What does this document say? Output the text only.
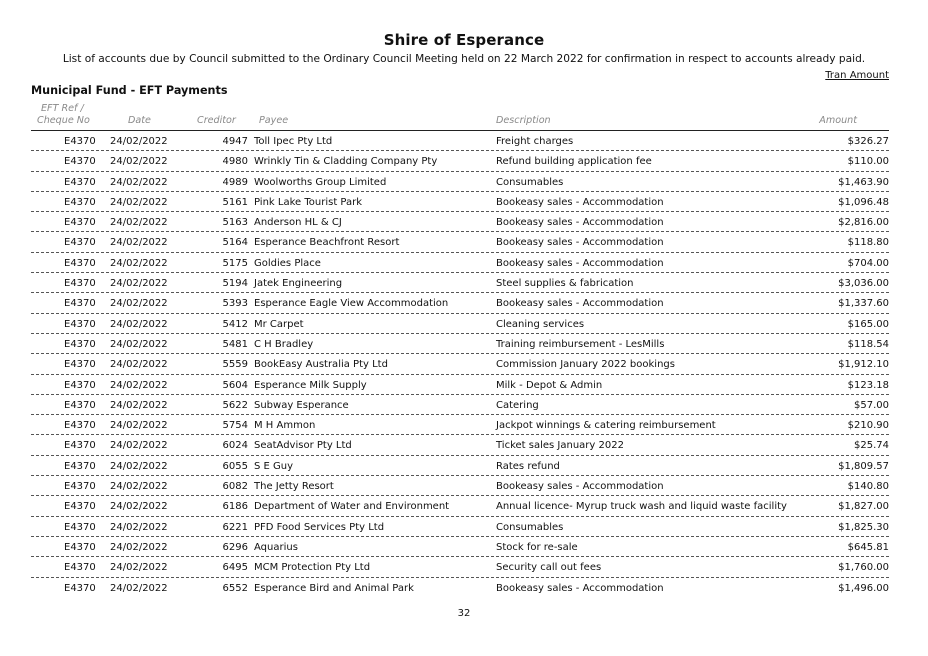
Shire of Esperance
List of accounts due by Council submitted to the Ordinary Council Meeting held on 22 March 2022 for confirmation in respect to accounts already paid.
Tran Amount
Municipal Fund - EFT Payments
EFT Ref /
Cheque No	Date	Creditor Payee	Description	Amount
E4370 24/02/2022	4947 Toll Ipec Pty Ltd	Freight charges	$326.27
E4370 24/02/2022	4980 Wrinkly Tin & Cladding Company Pty	Refund building application fee	$110.00
E4370 24/02/2022	4989 Woolworths Group Limited	Consumables	$1,463.90
E4370 24/02/2022	5161 Pink Lake Tourist Park	Bookeasy sales - Accommodation	$1,096.48
E4370 24/02/2022	5163 Anderson HL & CJ	Bookeasy sales - Accommodation	$2,816.00
E4370 24/02/2022	5164 Esperance Beachfront Resort	Bookeasy sales - Accommodation	$118.80
E4370 24/02/2022	5175 Goldies Place	Bookeasy sales - Accommodation	$704.00
E4370 24/02/2022	5194 Jatek Engineering	Steel supplies & fabrication	$3,036.00
E4370 24/02/2022	5393 Esperance Eagle View Accommodation	Bookeasy sales - Accommodation	$1,337.60
E4370 24/02/2022	5412 Mr Carpet	Cleaning services	$165.00
E4370 24/02/2022	5481 C H Bradley	Training reimbursement - LesMills	$118.54
E4370 24/02/2022	5559 BookEasy Australia Pty Ltd	Commission January 2022 bookings	$1,912.10
E4370 24/02/2022	5604 Esperance Milk Supply	Milk - Depot & Admin	$123.18
E4370 24/02/2022	5622 Subway Esperance	Catering	$57.00
E4370 24/02/2022	5754 M H Ammon	Jackpot winnings & catering reimbursement	$210.90
E4370 24/02/2022	6024 SeatAdvisor Pty Ltd	Ticket sales January 2022	$25.74
E4370 24/02/2022	6055 S E Guy	Rates refund	$1,809.57
E4370 24/02/2022	6082 The Jetty Resort	Bookeasy sales - Accommodation	$140.80
E4370 24/02/2022	6186 Department of Water and Environment	Annual licence- Myrup truck wash and liquid waste facility	$1,827.00
E4370 24/02/2022	6221 PFD Food Services Pty Ltd	Consumables	$1,825.30
E4370 24/02/2022	6296 Aquarius	Stock for re-sale	$645.81
E4370 24/02/2022	6495 MCM Protection Pty Ltd	Security call out fees	$1,760.00
E4370 24/02/2022	6552 Esperance Bird and Animal Park	Bookeasy sales - Accommodation	$1,496.00
32
